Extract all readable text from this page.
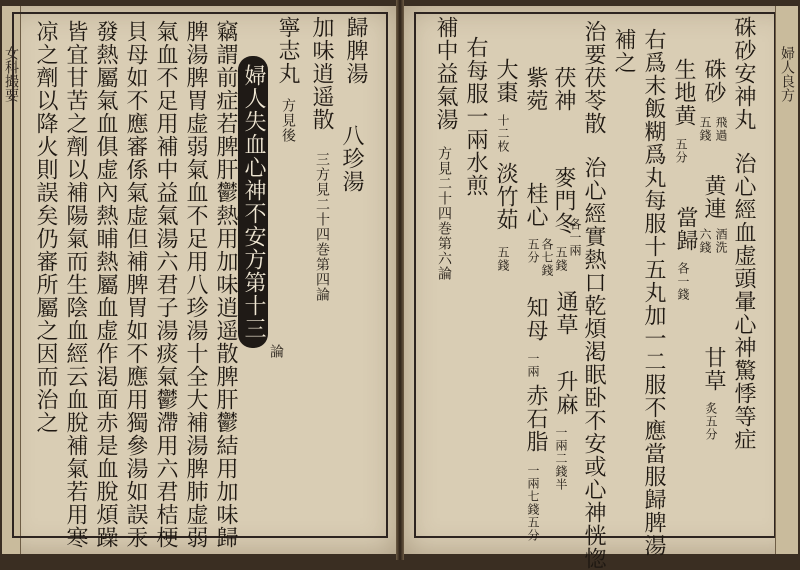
女科撮要	歸脾湯
加味逍遥散
三方見二十四巻第四論 八珍湯
寧志丸
方見後
婦人失血心神不安方第十三
論
竊謂前症若脾肝鬱熱用加味逍遥散脾肝鬱結用加味歸
脾湯脾胃虚弱氣血不足用八珍湯十全大補湯脾肺虚弱
氣血不足用補中益氣湯六君子湯痰氣鬱滯用六君桔梗
貝母如不應審係氣虚但補脾胃如不應用獨參湯如誤汞
發熱屬氣血俱虚內熱晡熱屬血虚作渇面赤是血脫煩躁
皆宜甘苦之劑以補陽氣而生陰血經云血脫補氣若用寒
凉之劑以降火則誤矣仍審所屬之因而治之	婦人良方
硃砂安神丸
治心經血虚頭暈心神驚悸等症
硃砂
五錢 飛過
黄連
六錢 酒洗
甘草
炙五分
生地黄
五分
當歸
各一錢
右爲末飯糊爲丸每服十五丸加一二服不應當服歸脾湯
補之
治要茯苓散
治心經實熱口乾煩渇眠卧不安或心神恍惚
茯神
麥門冬
五錢
各一兩
通草
升麻
一兩二錢半
紫菀
桂心
五分 各七錢
知母
一兩
赤石脂
一兩七錢五分
大棗
十二枚
淡竹茹
五錢
右每服一兩水煎
補中益氣湯
方見二十四巻第六論
